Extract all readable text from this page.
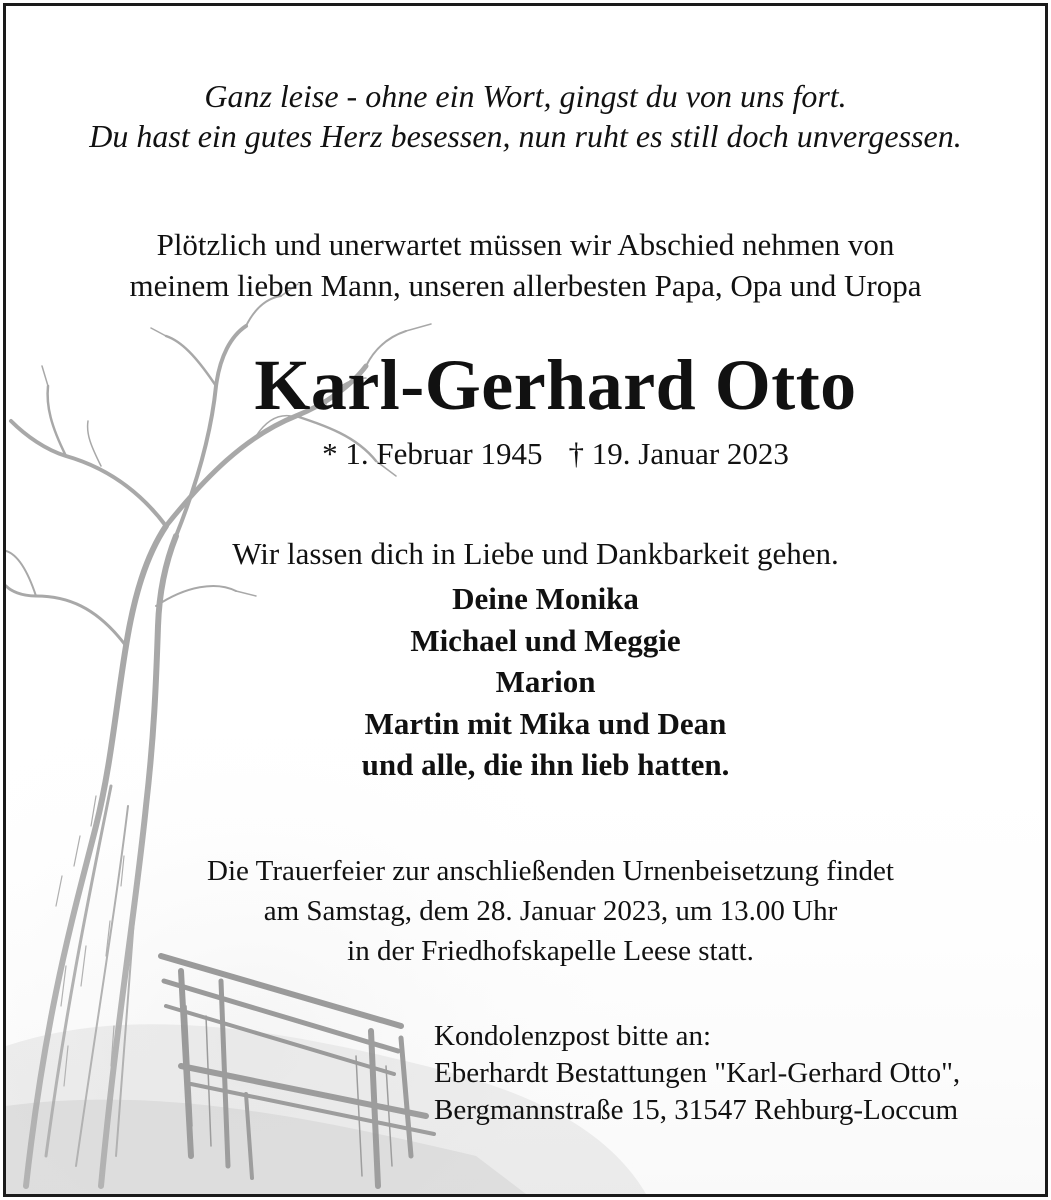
Ganz leise - ohne ein Wort, gingst du von uns fort.
Du hast ein gutes Herz besessen, nun ruht es still doch unvergessen.
Plötzlich und unerwartet müssen wir Abschied nehmen von
meinem lieben Mann, unseren allerbesten Papa, Opa und Uropa
Karl-Gerhard Otto
* 1. Februar 1945 † 19. Januar 2023
Wir lassen dich in Liebe und Dankbarkeit gehen.
Deine Monika
Michael und Meggie
Marion
Martin mit Mika und Dean
und alle, die ihn lieb hatten.
Die Trauerfeier zur anschließenden Urnenbeisetzung findet
am Samstag, dem 28. Januar 2023, um 13.00 Uhr
in der Friedhofskapelle Leese statt.
Kondolenzpost bitte an:
Eberhardt Bestattungen "Karl-Gerhard Otto",
Bergmannstraße 15, 31547 Rehburg-Loccum
